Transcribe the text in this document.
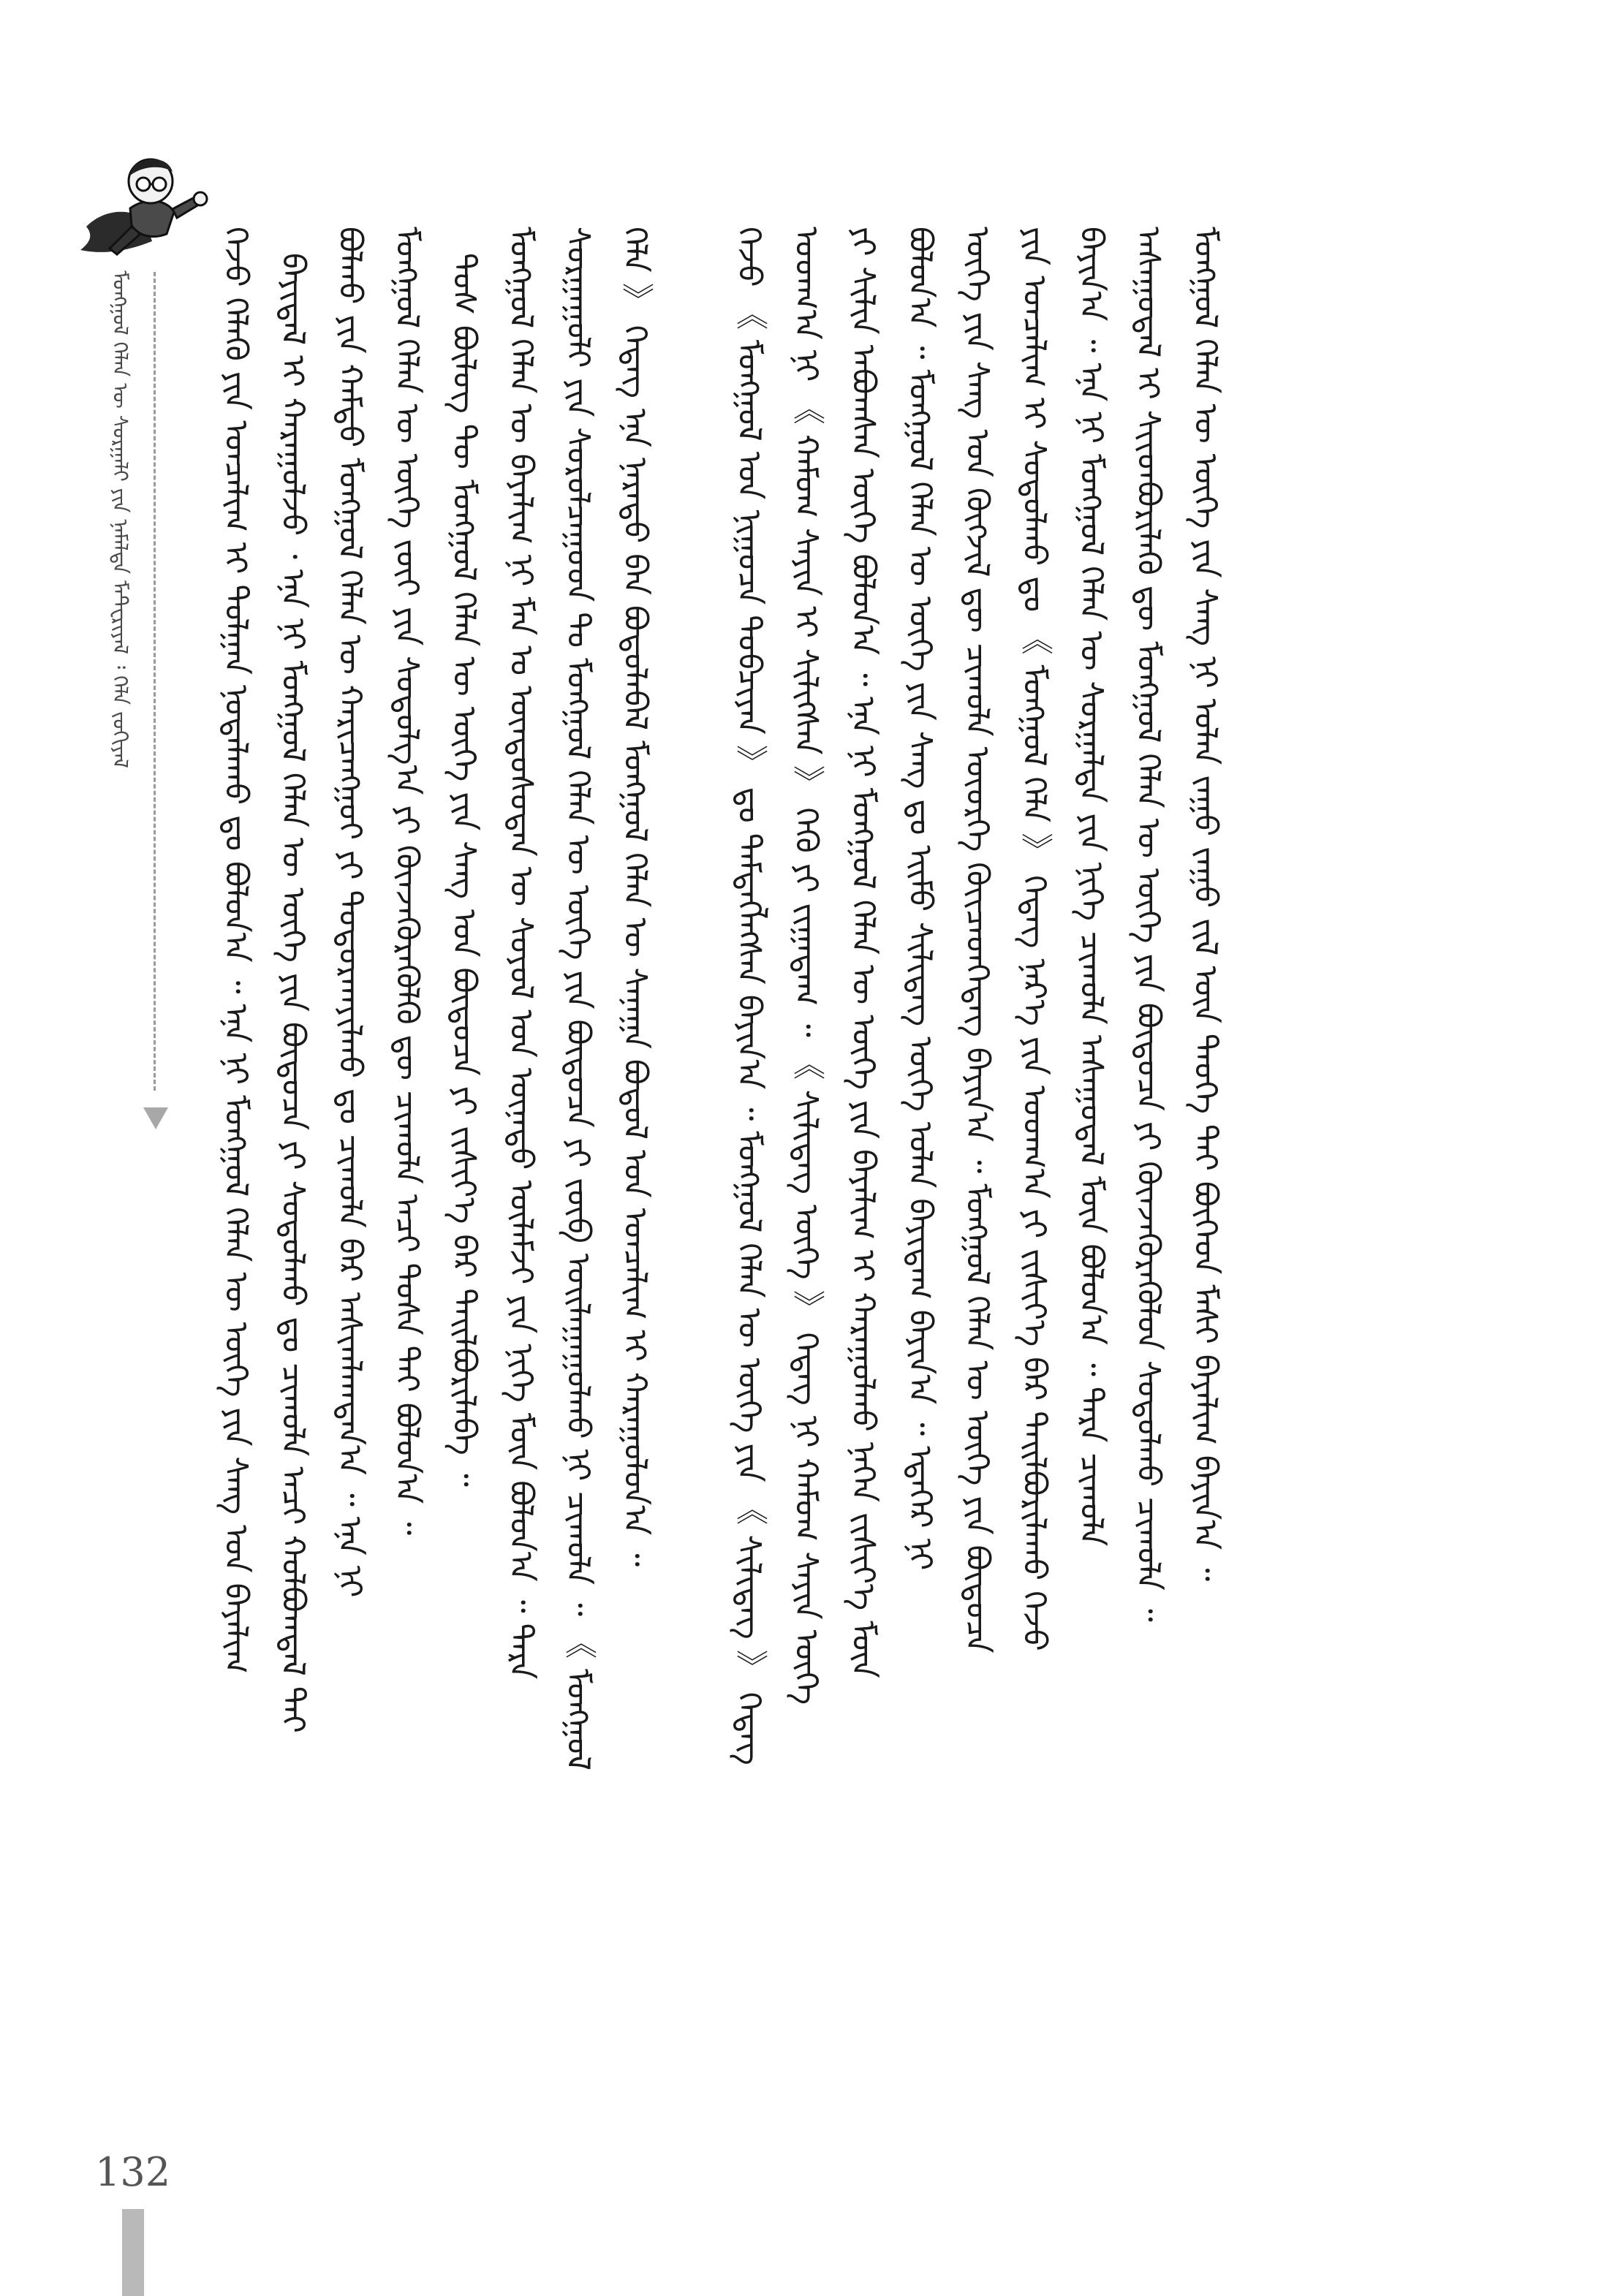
ᠮᠣᠩᠭᠣᠯ ᠬᠡᠯᠡᠨ ᠦ ᠰᠤᠷᠭᠠᠯᠢ ᠶᠢᠨ ᠨᠡᠮᠡᠯᠲᠡ ᠮᠠᠲᠧᠷᠢᠶᠠᠯ ᠄ ᠬᠡᠯᠡ ᠵᠣᠬᠢᠶᠠᠯ
132
ᠭᠡᠵᠦ ᠬᠡᠯᠡᠬᠦ ᠶᠢᠨ ᠣᠨᠴᠠᠯᠢᠭ ᠢ ᠲᠤᠯᠭᠠᠨ ᠨᠣᠲᠠᠯᠠᠬᠤ ᠳᠤ ᠪᠣᠯᠤᠨ᠎ᠠ ᠃ ᠡᠨᠡ ᠨᠢ ᠮᠣᠩᠭᠣᠯ ᠬᠡᠯᠡᠨ ᠦ ᠦᠭᠡ ᠶᠢᠨ ᠰᠠᠩ ᠤᠨ ᠪᠠᠶᠠᠯᠢᠭ ᠪᠠᠶᠢᠳᠠᠯ ᠢ ᠬᠠᠷᠠᠭᠤᠯᠵᠤ ᠂ ᠡᠨᠡ ᠨᠢ ᠮᠣᠩᠭᠣᠯ ᠬᠡᠯᠡᠨ ᠦ ᠦᠭᠡ ᠶᠢᠨ ᠪᠦᠲᠦᠴᠡ ᠶᠢ ᠰᠤᠳᠤᠯᠬᠤ ᠳᠤ ᠴᠢᠬᠤᠯᠠ ᠠᠴᠢ ᠬᠣᠯᠪᠤᠭᠳᠠᠯ ᠲᠠᠢ ᠪᠣᠯᠬᠤ ᠶᠢᠨ ᠬᠠᠮᠲᠤ ᠮᠣᠩᠭᠣᠯ ᠬᠡᠯᠡᠨ ᠦ ᠬᠠᠷᠢᠴᠠᠩᠭᠤᠢ ᠶᠢ ᠲᠣᠳᠤᠷᠬᠠᠶᠢᠯᠬᠤ ᠳᠤ ᠴᠢᠬᠤᠯᠠ ᠪᠠᠷ ᠠᠰᠢᠭᠯᠠᠭᠳᠠᠨ᠎ᠠ ᠃ ᠡᠨᠡ ᠨᠢ ᠮᠣᠩᠭᠣᠯ ᠬᠡᠯᠡᠨ ᠦ ᠦᠭᠡ ᠵᠦᠢ ᠶᠢᠨ ᠰᠤᠳᠤᠯᠭ᠎ᠠ ᠶᠢ ᠭᠦᠨᠵᠡᠭᠦᠷᠡᠭᠦᠯᠬᠦ ᠳᠦ ᠴᠢᠬᠤᠯᠠ ᠠᠴᠢ ᠲᠤᠰᠠ ᠲᠠᠢ ᠪᠣᠯᠤᠨ᠎ᠠ ᠃ ᠲᠤᠰ ᠪᠦᠯᠦᠭ ᠲᠦ ᠮᠣᠩᠭᠣᠯ ᠬᠡᠯᠡᠨ ᠦ ᠦᠭᠡ ᠶᠢᠨ ᠰᠠᠩ ᠤᠨ ᠪᠦᠲᠦᠴᠡ ᠶᠢ ᠵᠢᠱᠢᠶ᠎ᠡ ᠪᠡᠷ ᠲᠠᠢᠯᠪᠤᠷᠢᠯᠠᠪᠠ ᠃ ᠮᠣᠩᠭᠣᠯ ᠬᠡᠯᠡᠨ ᠦ ᠪᠠᠶᠠᠯᠢᠭ ᠨᠢ ᠮᠠᠨ ᠤ ᠦᠨᠳᠦᠰᠦᠲᠡᠨ ᠦ ᠰᠣᠶᠣᠯ ᠤᠨ ᠦᠨᠡᠲᠦ ᠦᠯᠡᠮᠵᠢ ᠶᠢᠨ ᠨᠢᠭᠡ ᠮᠥᠨ ᠪᠣᠯᠤᠨ᠎ᠠ ᠃ ᠲᠡᠷᠡ ᠰᠤᠷᠭᠠᠭᠤᠯᠢ ᠶᠢᠨ ᠰᠤᠷᠤᠯᠴᠠᠭᠤᠳ ᠲᠤ ᠮᠣᠩᠭᠣᠯ ᠬᠡᠯᠡᠨ ᠦ ᠦᠭᠡ ᠶᠢᠨ ᠪᠦᠲᠦᠴᠡ ᠶᠢ ᠵᠥᠪ ᠣᠢᠯᠠᠭᠠᠭᠤᠯᠬᠤ ᠨᠢ ᠴᠢᠬᠤᠯᠠ ᠃ 《 ᠮᠣᠩᠭᠣᠯ ᠬᠡᠯᠡ 》 ᠭᠡᠳᠡᠭ ᠡᠨᠡ ᠨᠡᠷᠡᠲᠦ ᠪᠠᠨ ᠪᠣᠳᠤᠯᠠᠪᠠᠯ ᠮᠣᠩᠭᠣᠯ ᠬᠡᠯᠡᠨ ᠦ ᠰᠠᠨᠠᠭᠠ ᠪᠣᠳᠤᠯ ᠤᠨ ᠣᠨᠴᠠᠯᠢᠭ ᠢ ᠬᠠᠷᠠᠭᠤᠯᠤᠨ᠎ᠠ ᠃ ᠭᠡᠵᠦ 《 ᠮᠣᠩᠭᠣᠯ ᠤᠨ ᠨᠢᠭᠤᠴᠠ ᠲᠣᠪᠴᠢᠶᠠᠨ 》 ᠳᠤ ᠲᠡᠮᠳᠡᠭᠯᠡᠭᠰᠡᠨ ᠪᠠᠶᠢᠨ᠎ᠠ ᠃ ᠮᠣᠩᠭᠣᠯ ᠬᠡᠯᠡᠨ ᠦ ᠦᠭᠡ ᠶᠢᠨ 《 ᠰᠢᠯᠢᠳᠡᠭ 》 ᠭᠡᠳᠡᠭ ᠤᠳᠬ᠎ᠠ ᠨᠢ 《 ᠬᠠᠮᠤᠭ ᠰᠠᠶᠢᠨ ᠢ ᠰᠢᠯᠢᠭᠰᠡᠨ 》 ᠭᠡᠬᠦ ᠶᠢ ᠵᠢᠭᠠᠳᠠᠭ ᠃ 《 ᠰᠢᠯᠢᠳᠡᠭ ᠦᠭᠡ 》 ᠭᠡᠳᠡᠭ ᠨᠢ ᠬᠠᠮᠤᠭ ᠰᠠᠶᠢᠨ ᠦᠭᠡ ᠶᠢ ᠰᠢᠯᠢᠨ ᠠᠪᠤᠭᠰᠠᠨ ᠦᠭᠡ ᠪᠣᠯᠤᠨ᠎ᠠ ᠃ ᠡᠨᠡ ᠨᠢ ᠮᠣᠩᠭᠣᠯ ᠬᠡᠯᠡᠨ ᠦ ᠦᠭᠡ ᠶᠢᠨ ᠪᠠᠶᠠᠯᠢᠭ ᠢ ᠬᠠᠷᠠᠭᠤᠯᠬᠤ ᠨᠡᠭᠡᠨ ᠵᠢᠱᠢᠶ᠎ᠡ ᠮᠥᠨ ᠪᠣᠯᠤᠨ᠎ᠠ ᠃ ᠮᠣᠩᠭᠣᠯ ᠬᠡᠯᠡᠨ ᠦ ᠦᠭᠡ ᠶᠢᠨ ᠰᠠᠩ ᠳᠤ ᠡᠢᠮᠦ ᠰᠢᠯᠢᠳᠡᠭ ᠦᠭᠡ ᠣᠯᠠᠨ ᠪᠠᠶᠢᠳᠠᠭ ᠪᠠᠶᠢᠨ᠎ᠠ ᠃ ᠡᠳᠡᠭᠡᠷ ᠨᠢ ᠦᠭᠡ ᠶᠢᠨ ᠰᠠᠩ ᠤᠨ ᠬᠥᠭᠵᠢᠯ ᠳᠦ ᠴᠢᠬᠤᠯᠠ ᠦᠦᠷᠭᠡ ᠭᠦᠢᠴᠡᠳᠭᠡᠳᠡᠭ ᠪᠠᠶᠢᠨ᠎ᠠ ᠃ ᠮᠣᠩᠭᠣᠯ ᠬᠡᠯᠡᠨ ᠦ ᠦᠭᠡ ᠶᠢᠨ ᠪᠦᠲᠦᠴᠡ ᠶᠢᠨ ᠣᠨᠴᠠᠯᠢᠭ ᠢ ᠰᠤᠳᠤᠯᠬᠤ ᠳᠤ 《 ᠮᠣᠩᠭᠣᠯ ᠬᠡᠯᠡ 》 ᠭᠡᠳᠡᠭ ᠨᠡᠷ᠎ᠡ ᠶᠢᠨ ᠤᠳᠬ᠎ᠠ ᠶᠢ ᠵᠢᠱᠢᠶ᠎ᠡ ᠪᠡᠷ ᠲᠠᠢᠯᠪᠤᠷᠢᠯᠠᠬᠤ ᠭᠡᠵᠦ ᠪᠠᠶᠢᠨ᠎ᠠ ᠃ ᠡᠨᠡ ᠨᠢ ᠮᠣᠩᠭᠣᠯ ᠬᠡᠯᠡᠨ ᠦ ᠰᠤᠷᠭᠠᠯᠲᠠ ᠶᠢᠨ ᠨᠢᠭᠡ ᠴᠢᠬᠤᠯᠠ ᠠᠰᠠᠭᠤᠳᠠᠯ ᠮᠥᠨ ᠪᠣᠯᠤᠨ᠎ᠠ ᠃ ᠲᠡᠷᠡ ᠴᠢᠬᠤᠯᠠ ᠠᠰᠠᠭᠤᠳᠠᠯ ᠢ ᠰᠢᠢᠳᠪᠦᠷᠢᠯᠡᠬᠦ ᠳᠦ ᠮᠣᠩᠭᠣᠯ ᠬᠡᠯᠡᠨ ᠦ ᠦᠭᠡ ᠶᠢᠨ ᠪᠦᠲᠦᠴᠡ ᠶᠢ ᠭᠦᠨᠵᠡᠭᠦᠷᠡᠭᠦᠯᠦᠨ ᠰᠤᠳᠤᠯᠬᠤ ᠴᠢᠬᠤᠯᠠ ᠃ ᠮᠣᠩᠭᠣᠯ ᠬᠡᠯᠡᠨ ᠦ ᠦᠭᠡ ᠶᠢᠨ ᠰᠠᠩ ᠨᠢ ᠣᠯᠠᠨ ᠵᠠᠭᠤ ᠵᠠᠭᠤ ᠵᠢᠯ ᠦᠨ ᠲᠡᠦᠬᠡ ᠲᠠᠢ ᠪᠥᠭᠡᠳ ᠮᠠᠰᠢ ᠪᠠᠶᠠᠯᠢᠭ ᠪᠠᠶᠢᠨ᠎ᠠ ᠃
